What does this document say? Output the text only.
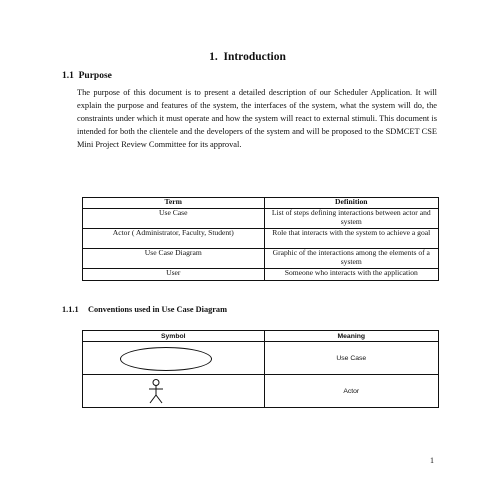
1.  Introduction
1.1  Purpose

The purpose of this document is to present a detailed description of our Scheduler Application. It will explain the purpose and features of the system, the interfaces of the system, what the system will do, the constraints under which it must operate and how the system will react to external stimuli. This document is intended for both the clientele and the developers of the system and will be proposed to the SDMCET CSE Mini Project Review Committee for its approval.

Term	Definition
Use Case	List of steps defining interactions between actor and system
Actor ( Administrator, Faculty, Student)	Role that interacts with the system to achieve a goal
Use Case Diagram	Graphic of the interactions among the elements of a system
User	Someone who interacts with the application
1.1.1 Conventions used in Use Case Diagram
Symbol	Meaning

	Use Case

	Actor
1
